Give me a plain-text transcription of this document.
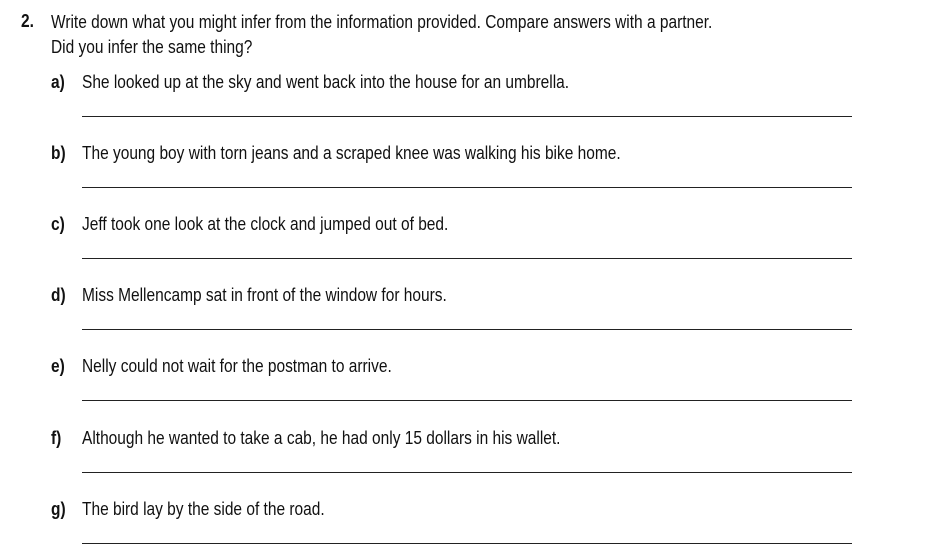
2. Write down what you might infer from the information provided. Compare answers with a partner.
Did you infer the same thing?
a) She looked up at the sky and went back into the house for an umbrella.
b) The young boy with torn jeans and a scraped knee was walking his bike home.
c) Jeff took one look at the clock and jumped out of bed.
d) Miss Mellencamp sat in front of the window for hours.
e) Nelly could not wait for the postman to arrive.
f) Although he wanted to take a cab, he had only 15 dollars in his wallet.
g) The bird lay by the side of the road.
